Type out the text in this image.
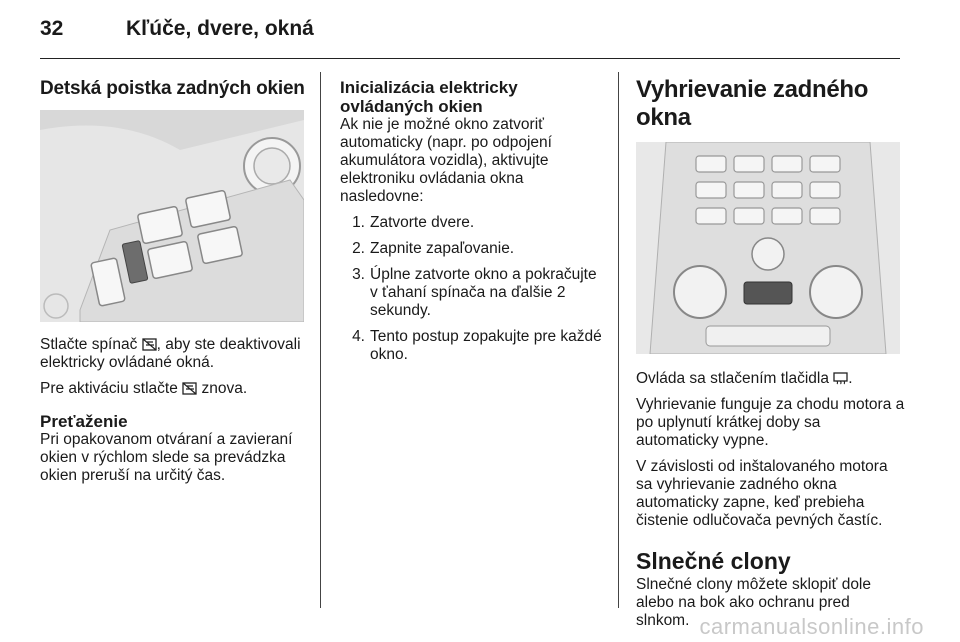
32	Kľúče, dvere, okná
Detská poistka zadných okien

Stlačte spínač , aby ste deaktivovali elektricky ovládané okná.

Pre aktiváciu stlačte  znova.

Preťaženie

Pri opakovanom otváraní a zavieraní okien v rýchlom slede sa prevádzka okien preruší na určitý čas.

Inicializácia elektricky ovládaných okien

Ak nie je možné okno zatvoriť automaticky (napr. po odpojení akumulátora vozidla), aktivujte elektroniku ovládania okna nasledovne:

1. Zatvorte dvere.
2. Zapnite zapaľovanie.
3. Úplne zatvorte okno a pokračujte v ťahaní spínača na ďalšie 2 sekundy.
4. Tento postup zopakujte pre každé okno.
Vyhrievanie zadného okna

Ovláda sa stlačením tlačidla .

Vyhrievanie funguje za chodu motora a po uplynutí krátkej doby sa automaticky vypne.

V závislosti od inštalovaného motora sa vyhrievanie zadného okna automaticky zapne, keď prebieha čistenie odlučovača pevných častíc.

Slnečné clony

Slnečné clony môžete sklopiť dole alebo na bok ako ochranu pred slnkom. carmanualsonline.info
